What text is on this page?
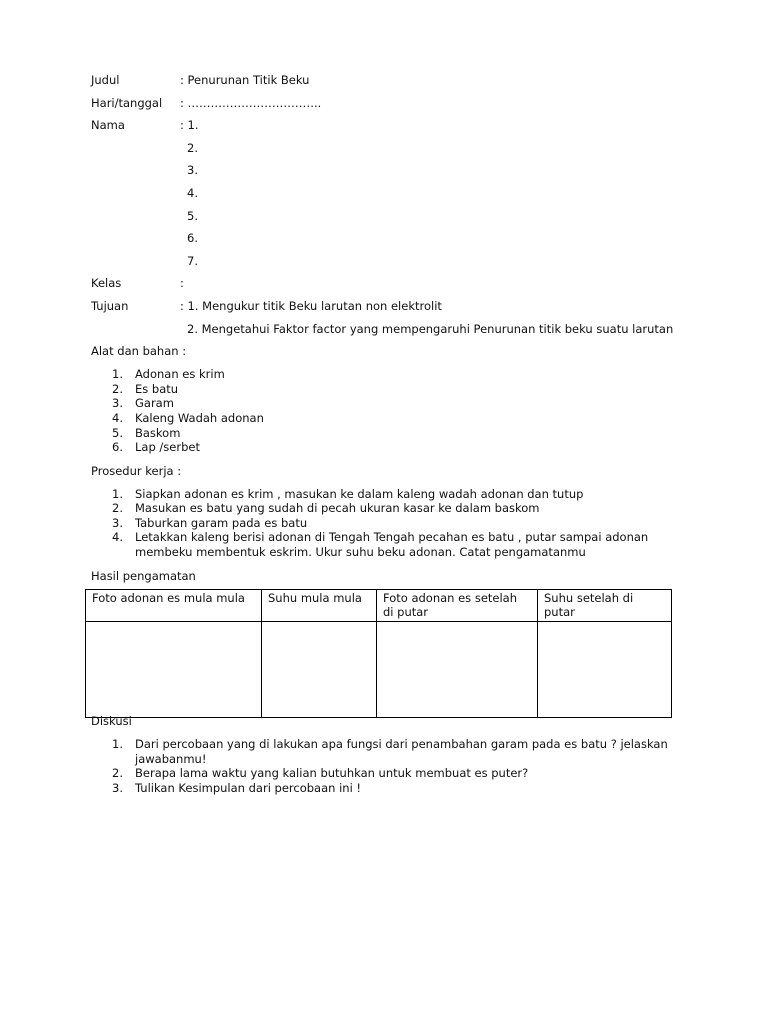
Judul	: Penurunan Titik Beku
Hari/tanggal	: ……………………………..
Nama	: 1.
2.
3.
4.
5.
6.
7.
Kelas	:
Tujuan	: 1. Mengukur titik Beku larutan non elektrolit
2. Mengetahui Faktor factor yang mempengaruhi Penurunan titik beku suatu larutan
Alat dan bahan :
1.	Adonan es krim
2.	Es batu
3.	Garam
4.	Kaleng Wadah adonan
5.	Baskom
6.	Lap /serbet
Prosedur kerja :
1.	Siapkan adonan es krim , masukan ke dalam kaleng wadah adonan dan tutup
2.	Masukan es batu yang sudah di pecah ukuran kasar ke dalam baskom
3.	Taburkan garam pada es batu
4.	Letakkan kaleng berisi adonan di Tengah Tengah pecahan es batu , putar sampai adonan membeku membentuk eskrim. Ukur suhu beku adonan. Catat pengamatanmu
Hasil pengamatan
Foto adonan es mula mula	Suhu mula mula	Foto adonan es setelah di putar	Suhu setelah di putar

Diskusi
1.	Dari percobaan yang di lakukan apa fungsi dari penambahan garam pada es batu ? jelaskan jawabanmu!
2.	Berapa lama waktu yang kalian butuhkan untuk membuat es puter?
3.	Tulikan Kesimpulan dari percobaan ini !
